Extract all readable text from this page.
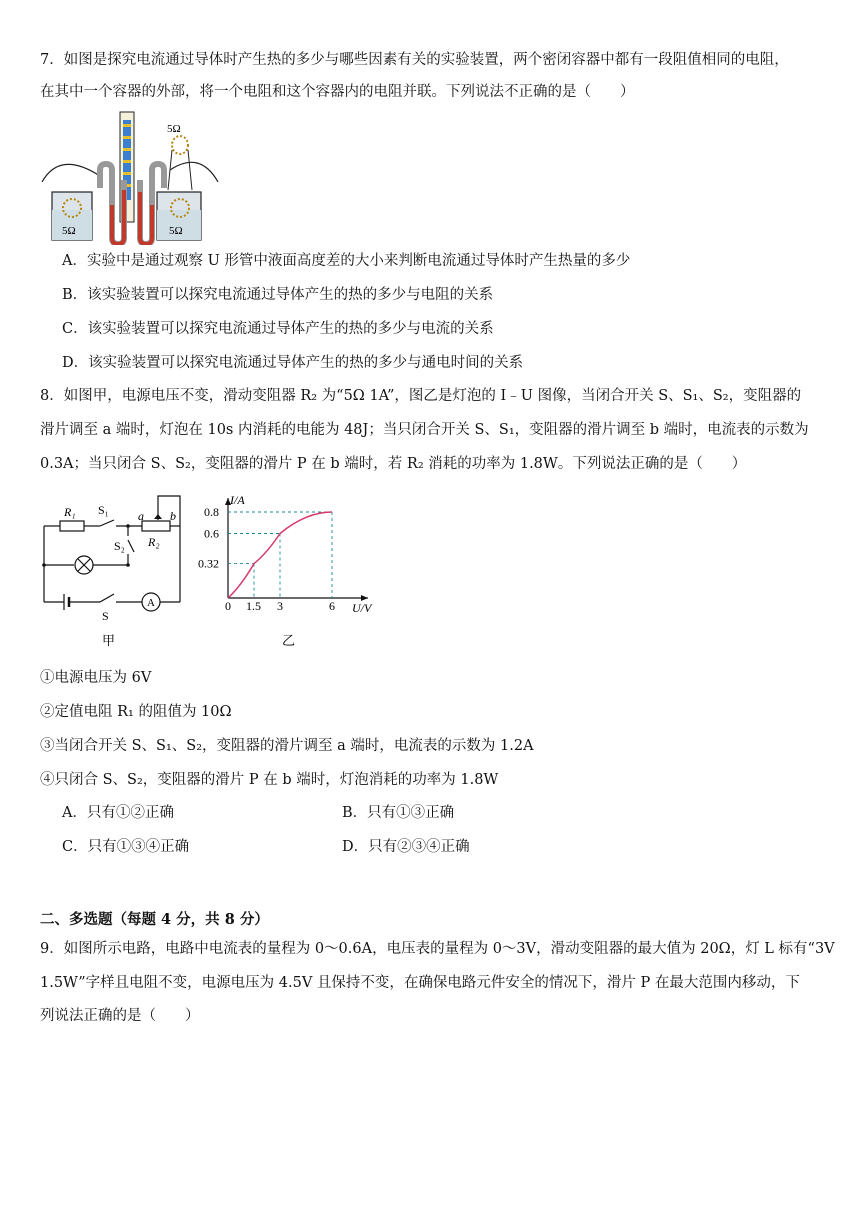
7．如图是探究电流通过导体时产生热的多少与哪些因素有关的实验装置，两个密闭容器中都有一段阻值相同的电阻，
在其中一个容器的外部，将一个电阻和这个容器内的电阻并联。下列说法不正确的是（　　）
5Ω	5Ω
5Ω
A．实验中是通过观察 U 形管中液面高度差的大小来判断电流通过导体时产生热量的多少
B．该实验装置可以探究电流通过导体产生的热的多少与电阻的关系
C．该实验装置可以探究电流通过导体产生的热的多少与电流的关系
D．该实验装置可以探究电流通过导体产生的热的多少与通电时间的关系
8．如图甲，电源电压不变，滑动变阻器 R₂ 为“5Ω 1A”，图乙是灯泡的 I﹣U 图像，当闭合开关 S、S₁、S₂，变阻器的
滑片调至 a 端时，灯泡在 10s 内消耗的电能为 48J；当只闭合开关 S、S₁，变阻器的滑片调至 b 端时，电流表的示数为
0.3A；当只闭合 S、S₂，变阻器的滑片 P 在 b 端时，若 R₂ 消耗的功率为 1.8W。下列说法正确的是（　　）
R₁ S₁ a b
S₂ R₂
S
A
甲
I/A
U/V
0.8
0.6
0.32
0 1.5 3	6
乙
①电源电压为 6V
②定值电阻 R₁ 的阻值为 10Ω
③当闭合开关 S、S₁、S₂，变阻器的滑片调至 a 端时，电流表的示数为 1.2A
④只闭合 S、S₂，变阻器的滑片 P 在 b 端时，灯泡消耗的功率为 1.8W
A．只有①②正确	B．只有①③正确
C．只有①③④正确	D．只有②③④正确
二、多选题（每题 4 分，共 8 分）
9．如图所示电路，电路中电流表的量程为 0～0.6A，电压表的量程为 0～3V，滑动变阻器的最大值为 20Ω，灯 L 标有“3V
1.5W”字样且电阻不变，电源电压为 4.5V 且保持不变，在确保电路元件安全的情况下，滑片 P 在最大范围内移动，下
列说法正确的是（　　）
